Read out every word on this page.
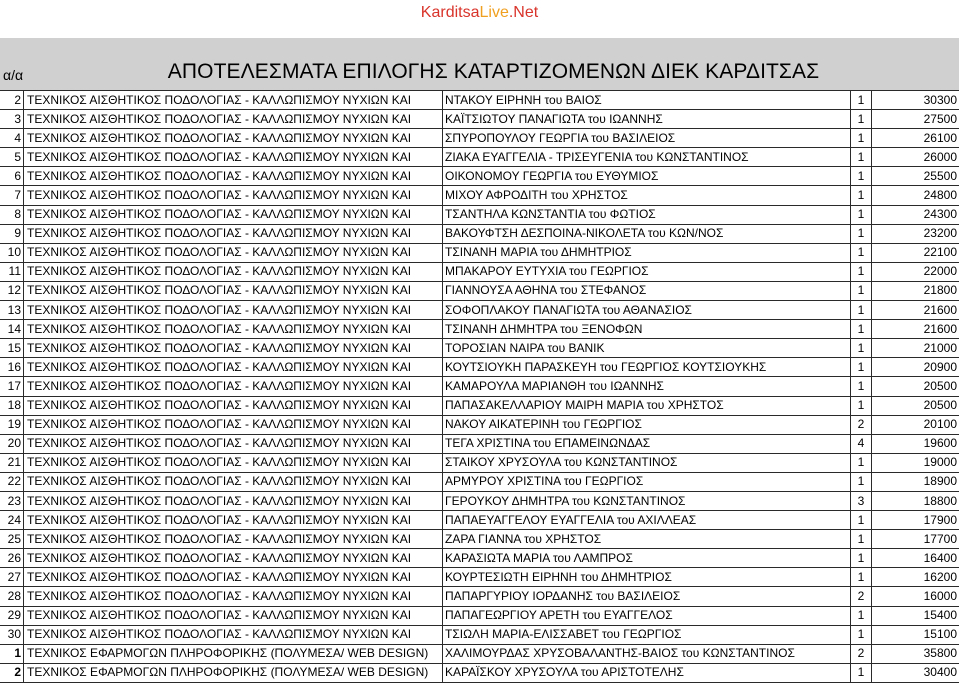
KarditsaLive.Net
α/α	ΑΠΟΤΕΛΕΣΜΑΤΑ ΕΠΙΛΟΓΗΣ ΚΑΤΑΡΤΙΖΟΜΕΝΩΝ ΔΙΕΚ ΚΑΡΔΙΤΣΑΣ
2	ΤΕΧΝΙΚΟΣ ΑΙΣΘΗΤΙΚΟΣ ΠΟΔΟΛΟΓΙΑΣ - ΚΑΛΛΩΠΙΣΜΟΥ ΝΥΧΙΩΝ ΚΑΙ	ΝΤΑΚΟΥ ΕΙΡΗΝΗ του ΒΑΙΟΣ	1	30300
3	ΤΕΧΝΙΚΟΣ ΑΙΣΘΗΤΙΚΟΣ ΠΟΔΟΛΟΓΙΑΣ - ΚΑΛΛΩΠΙΣΜΟΥ ΝΥΧΙΩΝ ΚΑΙ	ΚΑΪΤΣΙΩΤΟΥ ΠΑΝΑΓΙΩΤΑ του ΙΩΑΝΝΗΣ	1	27500
4	ΤΕΧΝΙΚΟΣ ΑΙΣΘΗΤΙΚΟΣ ΠΟΔΟΛΟΓΙΑΣ - ΚΑΛΛΩΠΙΣΜΟΥ ΝΥΧΙΩΝ ΚΑΙ	ΣΠΥΡΟΠΟΥΛΟΥ ΓΕΩΡΓΙΑ του ΒΑΣΙΛΕΙΟΣ	1	26100
5	ΤΕΧΝΙΚΟΣ ΑΙΣΘΗΤΙΚΟΣ ΠΟΔΟΛΟΓΙΑΣ - ΚΑΛΛΩΠΙΣΜΟΥ ΝΥΧΙΩΝ ΚΑΙ	ΖΙΑΚΑ ΕΥΑΓΓΕΛΙΑ - ΤΡΙΣΕΥΓΕΝΙΑ του ΚΩΝΣΤΑΝΤΙΝΟΣ	1	26000
6	ΤΕΧΝΙΚΟΣ ΑΙΣΘΗΤΙΚΟΣ ΠΟΔΟΛΟΓΙΑΣ - ΚΑΛΛΩΠΙΣΜΟΥ ΝΥΧΙΩΝ ΚΑΙ	ΟΙΚΟΝΟΜΟΥ ΓΕΩΡΓΙΑ του ΕΥΘΥΜΙΟΣ	1	25500
7	ΤΕΧΝΙΚΟΣ ΑΙΣΘΗΤΙΚΟΣ ΠΟΔΟΛΟΓΙΑΣ - ΚΑΛΛΩΠΙΣΜΟΥ ΝΥΧΙΩΝ ΚΑΙ	ΜΙΧΟΥ ΑΦΡΟΔΙΤΗ του ΧΡΗΣΤΟΣ	1	24800
8	ΤΕΧΝΙΚΟΣ ΑΙΣΘΗΤΙΚΟΣ ΠΟΔΟΛΟΓΙΑΣ - ΚΑΛΛΩΠΙΣΜΟΥ ΝΥΧΙΩΝ ΚΑΙ	ΤΣΑΝΤΗΛΑ ΚΩΝΣΤΑΝΤΙΑ του ΦΩΤΙΟΣ	1	24300
9	ΤΕΧΝΙΚΟΣ ΑΙΣΘΗΤΙΚΟΣ ΠΟΔΟΛΟΓΙΑΣ - ΚΑΛΛΩΠΙΣΜΟΥ ΝΥΧΙΩΝ ΚΑΙ	ΒΑΚΟΥΦΤΣΗ ΔΕΣΠΟΙΝΑ-ΝΙΚΟΛΕΤΑ του ΚΩΝ/ΝΟΣ	1	23200
10	ΤΕΧΝΙΚΟΣ ΑΙΣΘΗΤΙΚΟΣ ΠΟΔΟΛΟΓΙΑΣ - ΚΑΛΛΩΠΙΣΜΟΥ ΝΥΧΙΩΝ ΚΑΙ	ΤΣΙΝΑΝΗ ΜΑΡΙΑ του ΔΗΜΗΤΡΙΟΣ	1	22100
11	ΤΕΧΝΙΚΟΣ ΑΙΣΘΗΤΙΚΟΣ ΠΟΔΟΛΟΓΙΑΣ - ΚΑΛΛΩΠΙΣΜΟΥ ΝΥΧΙΩΝ ΚΑΙ	ΜΠΑΚΑΡΟΥ ΕΥΤΥΧΙΑ του ΓΕΩΡΓΙΟΣ	1	22000
12	ΤΕΧΝΙΚΟΣ ΑΙΣΘΗΤΙΚΟΣ ΠΟΔΟΛΟΓΙΑΣ - ΚΑΛΛΩΠΙΣΜΟΥ ΝΥΧΙΩΝ ΚΑΙ	ΓΙΑΝΝΟΥΣΑ ΑΘΗΝΑ του ΣΤΕΦΑΝΟΣ	1	21800
13	ΤΕΧΝΙΚΟΣ ΑΙΣΘΗΤΙΚΟΣ ΠΟΔΟΛΟΓΙΑΣ - ΚΑΛΛΩΠΙΣΜΟΥ ΝΥΧΙΩΝ ΚΑΙ	ΣΟΦΟΠΛΑΚΟΥ ΠΑΝΑΓΙΩΤΑ του ΑΘΑΝΑΣΙΟΣ	1	21600
14	ΤΕΧΝΙΚΟΣ ΑΙΣΘΗΤΙΚΟΣ ΠΟΔΟΛΟΓΙΑΣ - ΚΑΛΛΩΠΙΣΜΟΥ ΝΥΧΙΩΝ ΚΑΙ	ΤΣΙΝΑΝΗ ΔΗΜΗΤΡΑ του ΞΕΝΟΦΩΝ	1	21600
15	ΤΕΧΝΙΚΟΣ ΑΙΣΘΗΤΙΚΟΣ ΠΟΔΟΛΟΓΙΑΣ - ΚΑΛΛΩΠΙΣΜΟΥ ΝΥΧΙΩΝ ΚΑΙ	ΤΟΡΟΣΙΑΝ ΝΑΙΡΑ του ΒΑΝΙΚ	1	21000
16	ΤΕΧΝΙΚΟΣ ΑΙΣΘΗΤΙΚΟΣ ΠΟΔΟΛΟΓΙΑΣ - ΚΑΛΛΩΠΙΣΜΟΥ ΝΥΧΙΩΝ ΚΑΙ	ΚΟΥΤΣΙΟΥΚΗ ΠΑΡΑΣΚΕΥΗ του ΓΕΩΡΓΙΟΣ ΚΟΥΤΣΙΟΥΚΗΣ	1	20900
17	ΤΕΧΝΙΚΟΣ ΑΙΣΘΗΤΙΚΟΣ ΠΟΔΟΛΟΓΙΑΣ - ΚΑΛΛΩΠΙΣΜΟΥ ΝΥΧΙΩΝ ΚΑΙ	ΚΑΜΑΡΟΥΛΑ ΜΑΡΙΑΝΘΗ του ΙΩΑΝΝΗΣ	1	20500
18	ΤΕΧΝΙΚΟΣ ΑΙΣΘΗΤΙΚΟΣ ΠΟΔΟΛΟΓΙΑΣ - ΚΑΛΛΩΠΙΣΜΟΥ ΝΥΧΙΩΝ ΚΑΙ	ΠΑΠΑΣΑΚΕΛΛΑΡΙΟΥ ΜΑΙΡΗ ΜΑΡΙΑ του ΧΡΗΣΤΟΣ	1	20500
19	ΤΕΧΝΙΚΟΣ ΑΙΣΘΗΤΙΚΟΣ ΠΟΔΟΛΟΓΙΑΣ - ΚΑΛΛΩΠΙΣΜΟΥ ΝΥΧΙΩΝ ΚΑΙ	ΝΑΚΟΥ ΑΙΚΑΤΕΡΙΝΗ του ΓΕΩΡΓΙΟΣ	2	20100
20	ΤΕΧΝΙΚΟΣ ΑΙΣΘΗΤΙΚΟΣ ΠΟΔΟΛΟΓΙΑΣ - ΚΑΛΛΩΠΙΣΜΟΥ ΝΥΧΙΩΝ ΚΑΙ	ΤΕΓΑ ΧΡΙΣΤΙΝΑ του ΕΠΑΜΕΙΝΩΝΔΑΣ	4	19600
21	ΤΕΧΝΙΚΟΣ ΑΙΣΘΗΤΙΚΟΣ ΠΟΔΟΛΟΓΙΑΣ - ΚΑΛΛΩΠΙΣΜΟΥ ΝΥΧΙΩΝ ΚΑΙ	ΣΤΑΙΚΟΥ ΧΡΥΣΟΥΛΑ του ΚΩΝΣΤΑΝΤΙΝΟΣ	1	19000
22	ΤΕΧΝΙΚΟΣ ΑΙΣΘΗΤΙΚΟΣ ΠΟΔΟΛΟΓΙΑΣ - ΚΑΛΛΩΠΙΣΜΟΥ ΝΥΧΙΩΝ ΚΑΙ	ΑΡΜΥΡΟΥ ΧΡΙΣΤΙΝΑ του ΓΕΩΡΓΙΟΣ	1	18900
23	ΤΕΧΝΙΚΟΣ ΑΙΣΘΗΤΙΚΟΣ ΠΟΔΟΛΟΓΙΑΣ - ΚΑΛΛΩΠΙΣΜΟΥ ΝΥΧΙΩΝ ΚΑΙ	ΓΕΡΟΥΚΟΥ ΔΗΜΗΤΡΑ του ΚΩΝΣΤΑΝΤΙΝΟΣ	3	18800
24	ΤΕΧΝΙΚΟΣ ΑΙΣΘΗΤΙΚΟΣ ΠΟΔΟΛΟΓΙΑΣ - ΚΑΛΛΩΠΙΣΜΟΥ ΝΥΧΙΩΝ ΚΑΙ	ΠΑΠΑΕΥΑΓΓΕΛΟΥ ΕΥΑΓΓΕΛΙΑ του ΑΧΙΛΛΕΑΣ	1	17900
25	ΤΕΧΝΙΚΟΣ ΑΙΣΘΗΤΙΚΟΣ ΠΟΔΟΛΟΓΙΑΣ - ΚΑΛΛΩΠΙΣΜΟΥ ΝΥΧΙΩΝ ΚΑΙ	ΖΑΡΑ ΓΙΑΝΝΑ του ΧΡΗΣΤΟΣ	1	17700
26	ΤΕΧΝΙΚΟΣ ΑΙΣΘΗΤΙΚΟΣ ΠΟΔΟΛΟΓΙΑΣ - ΚΑΛΛΩΠΙΣΜΟΥ ΝΥΧΙΩΝ ΚΑΙ	ΚΑΡΑΣΙΩΤΑ ΜΑΡΙΑ του ΛΑΜΠΡΟΣ	1	16400
27	ΤΕΧΝΙΚΟΣ ΑΙΣΘΗΤΙΚΟΣ ΠΟΔΟΛΟΓΙΑΣ - ΚΑΛΛΩΠΙΣΜΟΥ ΝΥΧΙΩΝ ΚΑΙ	ΚΟΥΡΤΕΣΙΩΤΗ ΕΙΡΗΝΗ του ΔΗΜΗΤΡΙΟΣ	1	16200
28	ΤΕΧΝΙΚΟΣ ΑΙΣΘΗΤΙΚΟΣ ΠΟΔΟΛΟΓΙΑΣ - ΚΑΛΛΩΠΙΣΜΟΥ ΝΥΧΙΩΝ ΚΑΙ	ΠΑΠΑΡΓΥΡΙΟΥ ΙΟΡΔΑΝΗΣ του ΒΑΣΙΛΕΙΟΣ	2	16000
29	ΤΕΧΝΙΚΟΣ ΑΙΣΘΗΤΙΚΟΣ ΠΟΔΟΛΟΓΙΑΣ - ΚΑΛΛΩΠΙΣΜΟΥ ΝΥΧΙΩΝ ΚΑΙ	ΠΑΠΑΓΕΩΡΓΙΟΥ ΑΡΕΤΗ του ΕΥΑΓΓΕΛΟΣ	1	15400
30	ΤΕΧΝΙΚΟΣ ΑΙΣΘΗΤΙΚΟΣ ΠΟΔΟΛΟΓΙΑΣ - ΚΑΛΛΩΠΙΣΜΟΥ ΝΥΧΙΩΝ ΚΑΙ	ΤΣΙΩΛΗ ΜΑΡΙΑ-ΕΛΙΣΣΑΒΕΤ του ΓΕΩΡΓΙΟΣ	1	15100
1	ΤΕΧΝΙΚΟΣ ΕΦΑΡΜΟΓΩΝ ΠΛΗΡΟΦΟΡΙΚΗΣ (ΠΟΛΥΜΕΣΑ/ WEB DESIGN)	ΧΑΛΙΜΟΥΡΔΑΣ ΧΡΥΣΟΒΑΛΑΝΤΗΣ-ΒΑΙΟΣ του ΚΩΝΣΤΑΝΤΙΝΟΣ	2	35800
2	ΤΕΧΝΙΚΟΣ ΕΦΑΡΜΟΓΩΝ ΠΛΗΡΟΦΟΡΙΚΗΣ (ΠΟΛΥΜΕΣΑ/ WEB DESIGN)	ΚΑΡΑΪΣΚΟΥ ΧΡΥΣΟΥΛΑ του ΑΡΙΣΤΟΤΕΛΗΣ	1	30400
